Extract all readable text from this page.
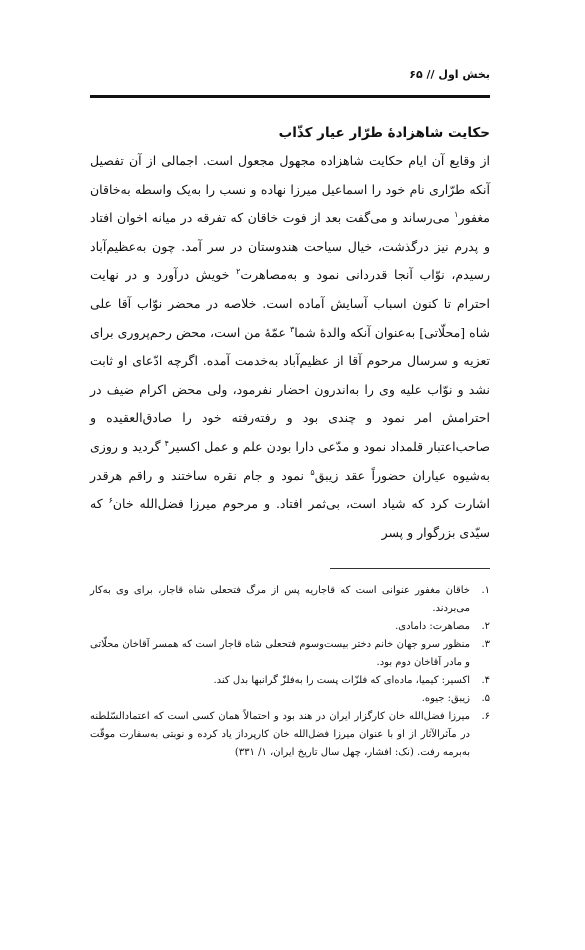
بخش اول // ۶۵
حکایت شاهزادهٔ طرّار عیار کذّاب

از وقایع آن ایام حکایت شاهزاده مجهول مجعول است. اجمالی از آن تفصیل آنکه طرّاری نام خود را اسماعیل میرزا نهاده و نسب را به‌یک واسطه به‌خاقان مغفور$^۱$ می‌رساند و می‌گفت بعد از فوت خاقان که تفرقه در میانه اخوان افتاد و پدرم نیز درگذشت، خیال سیاحت هندوستان در سر آمد. چون به‌عظیم‌آباد رسیدم، نوّاب آنجا قدردانی نمود و به‌مصاهرت$^۲$ خویش درآورد و در نهایت احترام تا کنون اسباب آسایش آماده است. خلاصه در محضر نوّاب آقا علی شاه [محلّاتی] به‌عنوان آنکه والدهٔ شما$^۳$ عمّهٔ من است، محض رحم‌پروری برای تعزیه و سرسال مرحوم آقا از عظیم‌آباد به‌خدمت آمده. اگرچه ادّعای او ثابت نشد و نوّاب علیه وی را به‌اندرون احضار نفرمود، ولی محض اکرام ضیف در احترامش امر نمود و چندی بود و رفته‌رفته خود را صادق‌العقیده و صاحب‌اعتبار قلمداد نمود و مدّعی دارا بودن علم و عمل اکسیر$^۴$ گردید و روزی به‌شیوه عیاران حضوراً عقد زیبق$^۵$ نمود و جام نقره ساختند و راقم هرقدر اشارت کرد که شیاد است، بی‌ثمر افتاد. و مرحوم میرزا فضل‌الله خان$^۶$ که سیّدی بزرگوار و پسر

۱.
خاقان مغفور عنوانی است که قاجاریه پس از مرگ فتحعلی شاه قاجار، برای وی به‌کار می‌بردند.
۲.
مصاهرت: دامادی.
۳.
منظور سرو جهان خانم دختر بیست‌وسوم فتحعلی شاه قاجار است که همسر آقاخان محلّاتی و مادر آقاخان دوم بود.
۴.
اکسیر: کیمیا، ماده‌ای که فلزّات پست را به‌فلزّ گرانبها بدل کند.
۵.
زیبق: جیوه.
۶.
میرزا فضل‌الله خان کارگزار ایران در هند بود و احتمالاً همان کسی است که اعتمادالسّلطنه در مآثرالآثار از او با عنوان میرزا فضل‌الله خان کارپرداز یاد کرده و نوبتی به‌سفارت موقّت به‌برمه رفت. (نک: افشار، چهل سال تاریخ ایران، ۱/ ۳۳۱)
